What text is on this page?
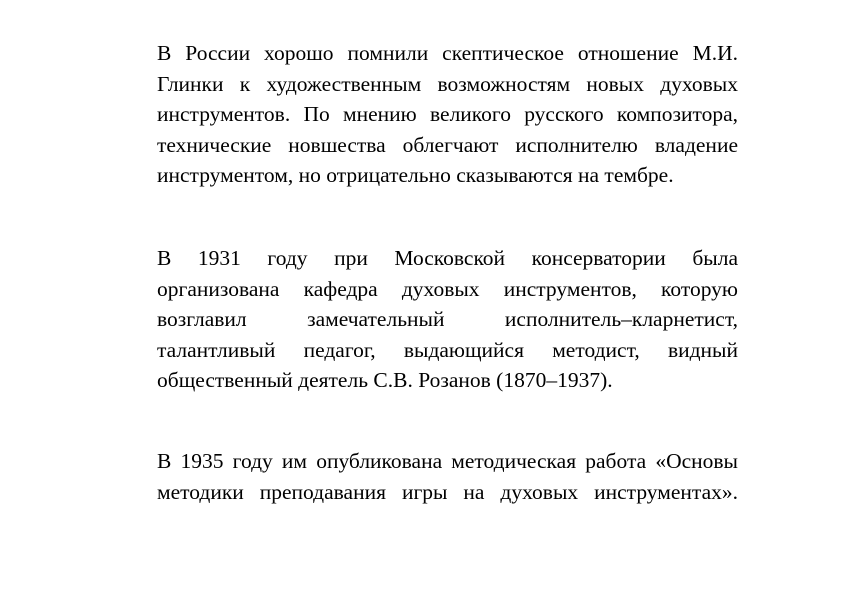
В России хорошо помнили скептическое отношение М.И.
Глинки к художественным возможностям новых духовых
инструментов. По мнению великого русского композитора,
технические новшества облегчают исполнителю владение
инструментом, но отрицательно сказываются на тембре.

В 1931 году при Московской консерватории была
организована кафедра духовых инструментов, которую
возглавил замечательный исполнитель–кларнетист,
талантливый педагог, выдающийся методист, видный
общественный деятель С.В. Розанов (1870–1937).

В 1935 году им опубликована методическая работа «Основы
методики преподавания игры на духовых инструментах».
